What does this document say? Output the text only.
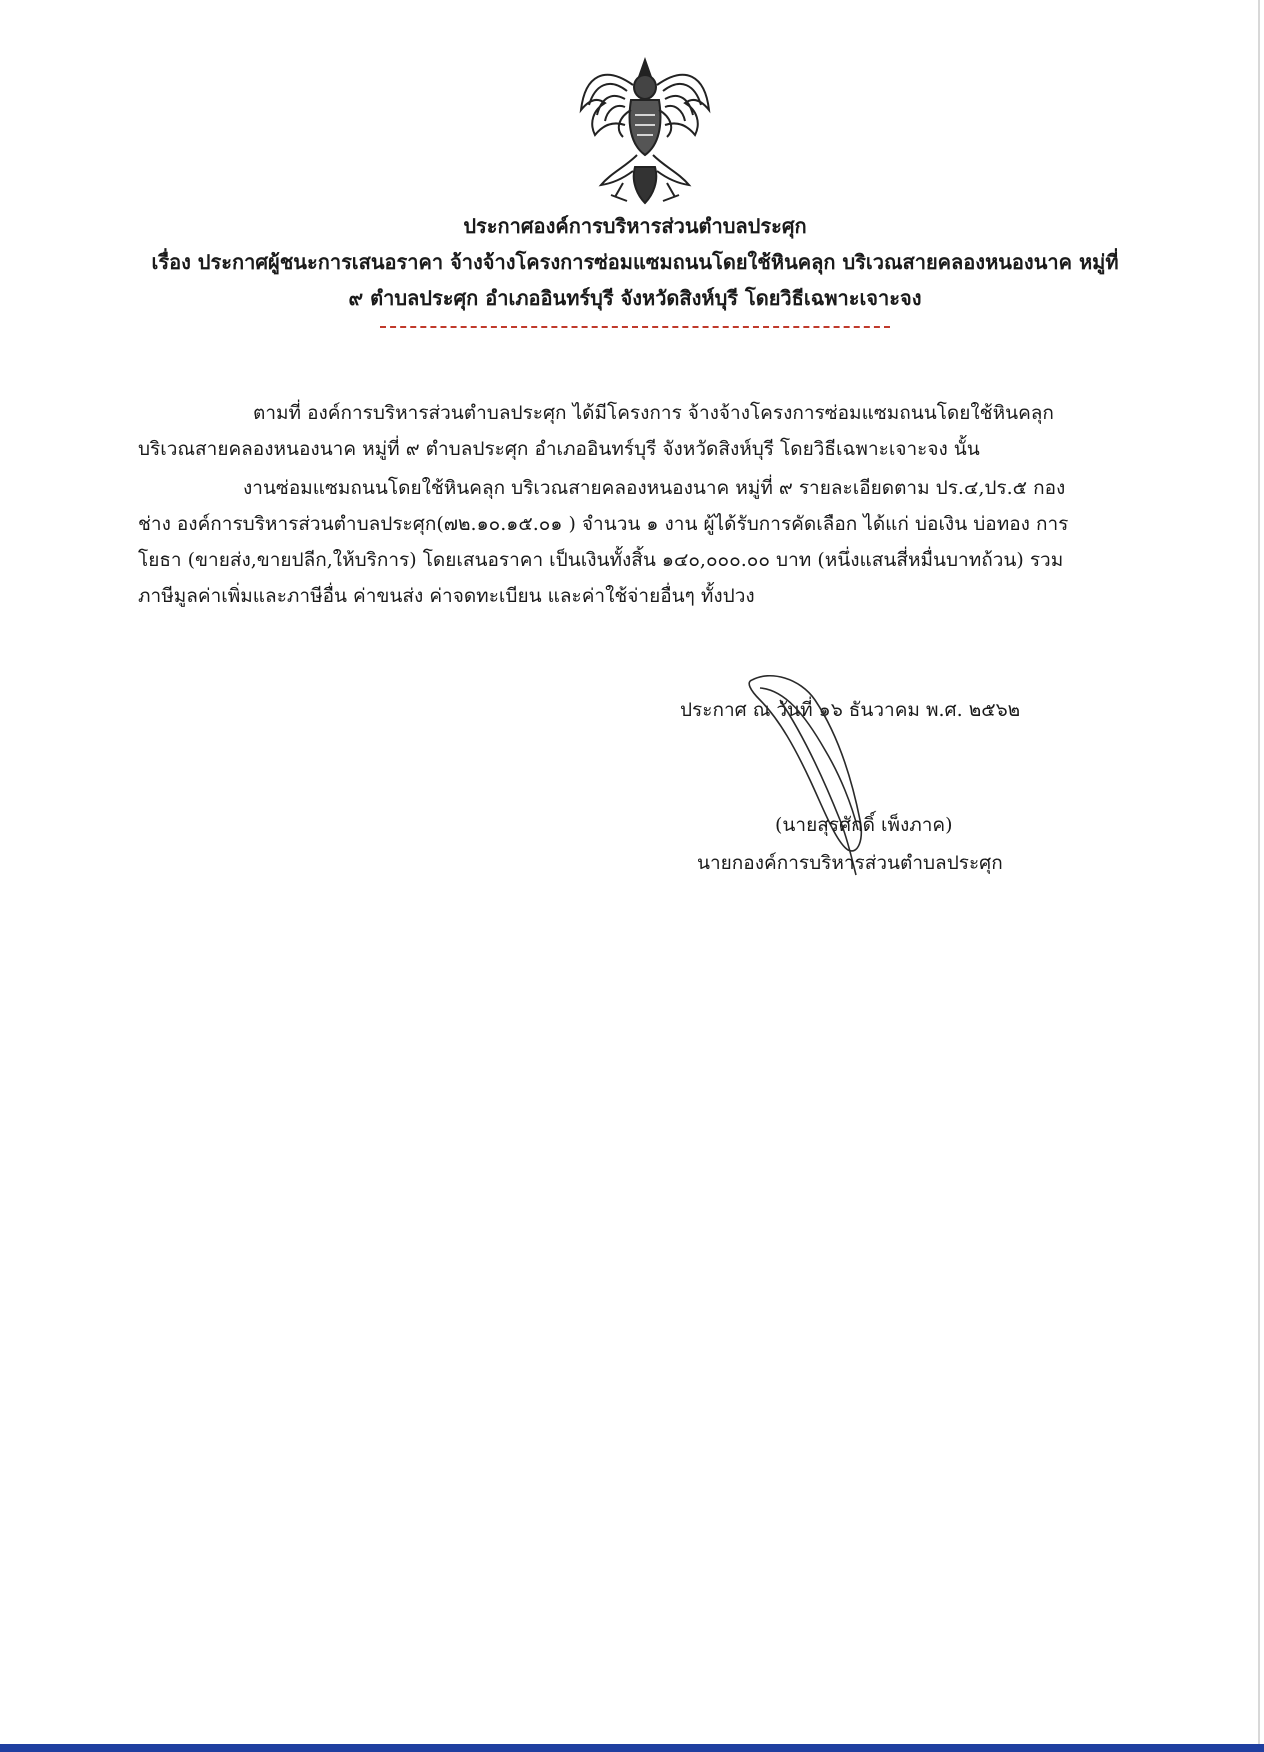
ประกาศองค์การบริหารส่วนตำบลประศุก
เรื่อง ประกาศผู้ชนะการเสนอราคา จ้างจ้างโครงการซ่อมแซมถนนโดยใช้หินคลุก บริเวณสายคลองหนองนาค หมู่ที่
๙ ตำบลประศุก อำเภออินทร์บุรี จังหวัดสิงห์บุรี โดยวิธีเฉพาะเจาะจง

ตามที่ องค์การบริหารส่วนตำบลประศุก ได้มีโครงการ จ้างจ้างโครงการซ่อมแซมถนนโดยใช้หินคลุก

บริเวณสายคลองหนองนาค หมู่ที่ ๙ ตำบลประศุก อำเภออินทร์บุรี จังหวัดสิงห์บุรี โดยวิธีเฉพาะเจาะจง นั้น

งานซ่อมแซมถนนโดยใช้หินคลุก บริเวณสายคลองหนองนาค หมู่ที่ ๙ รายละเอียดตาม ปร.๔,ปร.๕ กอง

ช่าง องค์การบริหารส่วนตำบลประศุก(๗๒.๑๐.๑๕.๐๑ ) จำนวน ๑ งาน ผู้ได้รับการคัดเลือก ได้แก่ บ่อเงิน บ่อทอง การ

โยธา (ขายส่ง,ขายปลีก,ให้บริการ) โดยเสนอราคา เป็นเงินทั้งสิ้น ๑๔๐,๐๐๐.๐๐ บาท (หนึ่งแสนสี่หมื่นบาทถ้วน) รวม

ภาษีมูลค่าเพิ่มและภาษีอื่น ค่าขนส่ง ค่าจดทะเบียน และค่าใช้จ่ายอื่นๆ ทั้งปวง

ประกาศ ณ วันที่ ๑๖ ธันวาคม พ.ศ. ๒๕๖๒
(นายสุรศักดิ์ เพ็งภาค)
นายกองค์การบริหารส่วนตำบลประศุก
